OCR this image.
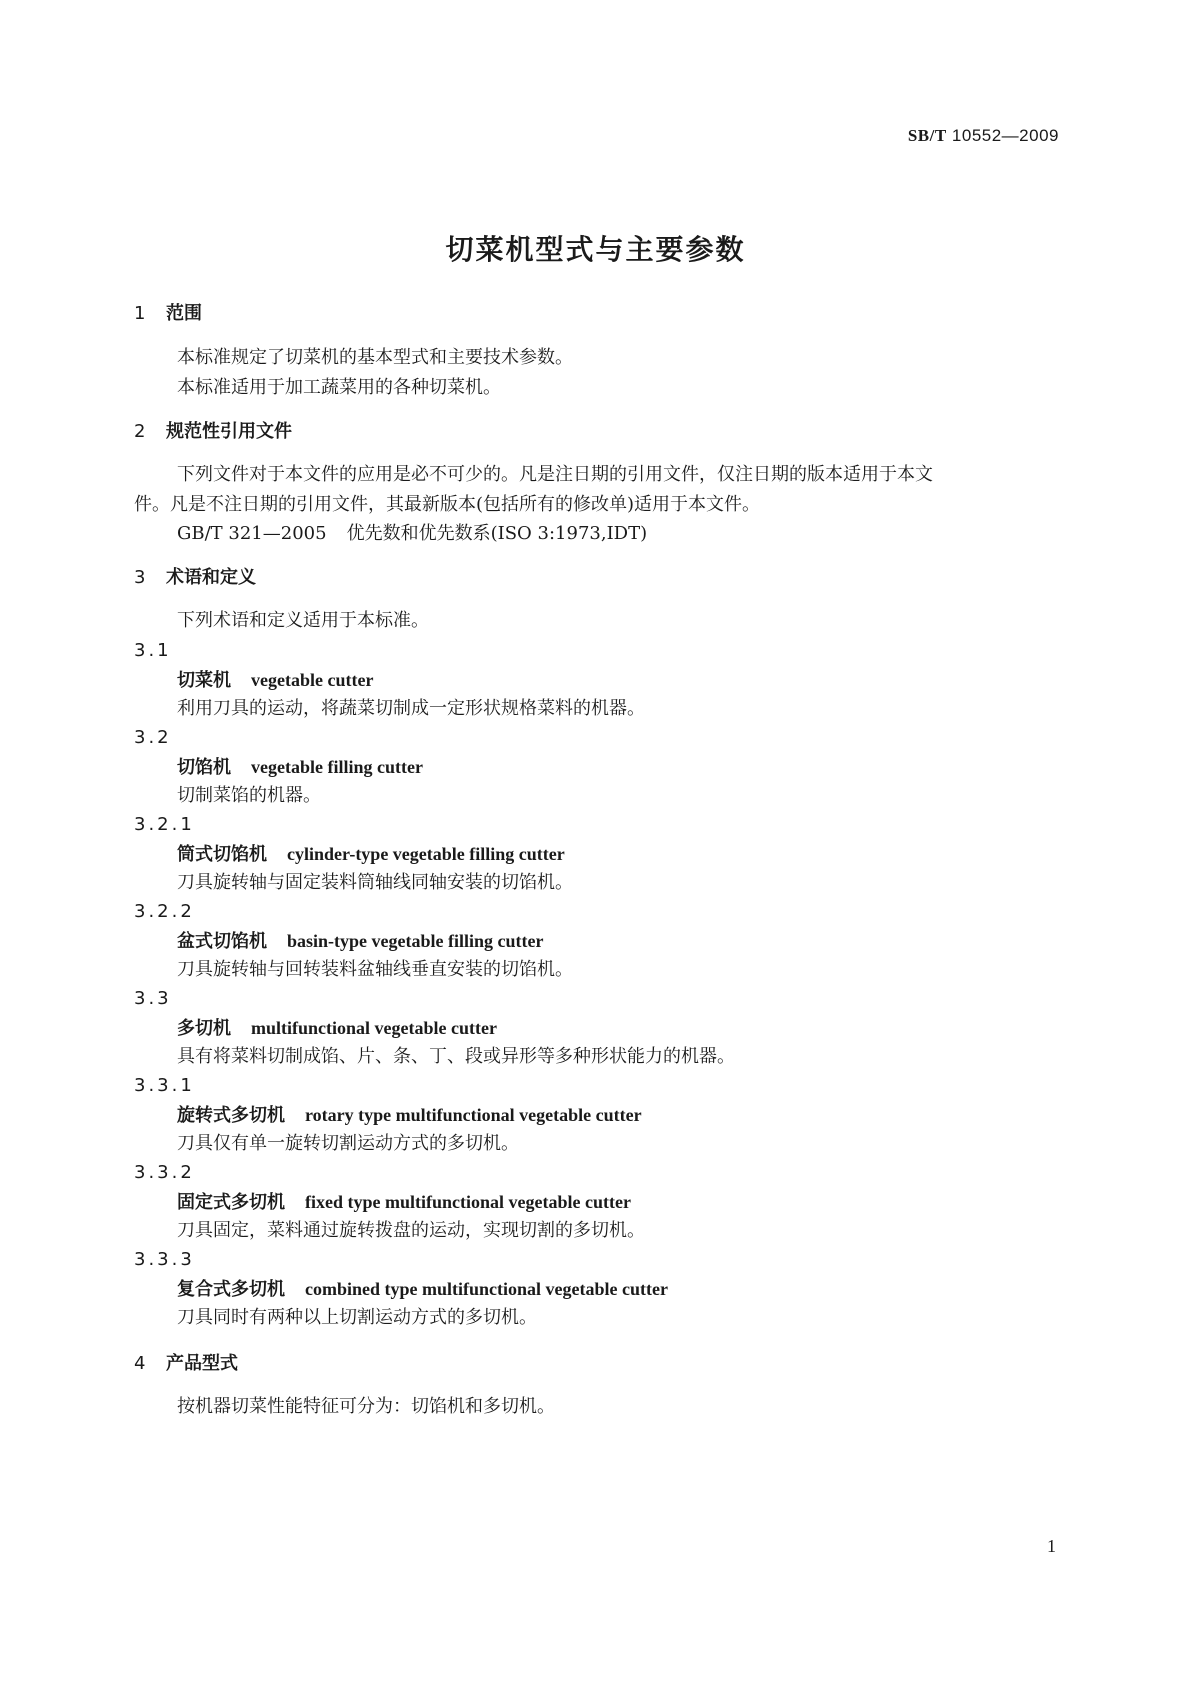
SB/T 10552—2009
切菜机型式与主要参数
1 范围
本标准规定了切菜机的基本型式和主要技术参数。
本标准适用于加工蔬菜用的各种切菜机。
2 规范性引用文件
下列文件对于本文件的应用是必不可少的。凡是注日期的引用文件，仅注日期的版本适用于本文
件。凡是不注日期的引用文件，其最新版本(包括所有的修改单)适用于本文件。
GB/T 321—2005 优先数和优先数系(ISO 3:1973,IDT)
3 术语和定义
下列术语和定义适用于本标准。
3.1
切菜机 vegetable cutter
利用刀具的运动，将蔬菜切制成一定形状规格菜料的机器。
3.2
切馅机 vegetable filling cutter
切制菜馅的机器。
3.2.1
筒式切馅机 cylinder-type vegetable filling cutter
刀具旋转轴与固定装料筒轴线同轴安装的切馅机。
3.2.2
盆式切馅机 basin-type vegetable filling cutter
刀具旋转轴与回转装料盆轴线垂直安装的切馅机。
3.3
多切机 multifunctional vegetable cutter
具有将菜料切制成馅、片、条、丁、段或异形等多种形状能力的机器。
3.3.1
旋转式多切机 rotary type multifunctional vegetable cutter
刀具仅有单一旋转切割运动方式的多切机。
3.3.2
固定式多切机 fixed type multifunctional vegetable cutter
刀具固定，菜料通过旋转拨盘的运动，实现切割的多切机。
3.3.3
复合式多切机 combined type multifunctional vegetable cutter
刀具同时有两种以上切割运动方式的多切机。
4 产品型式
按机器切菜性能特征可分为：切馅机和多切机。
1
